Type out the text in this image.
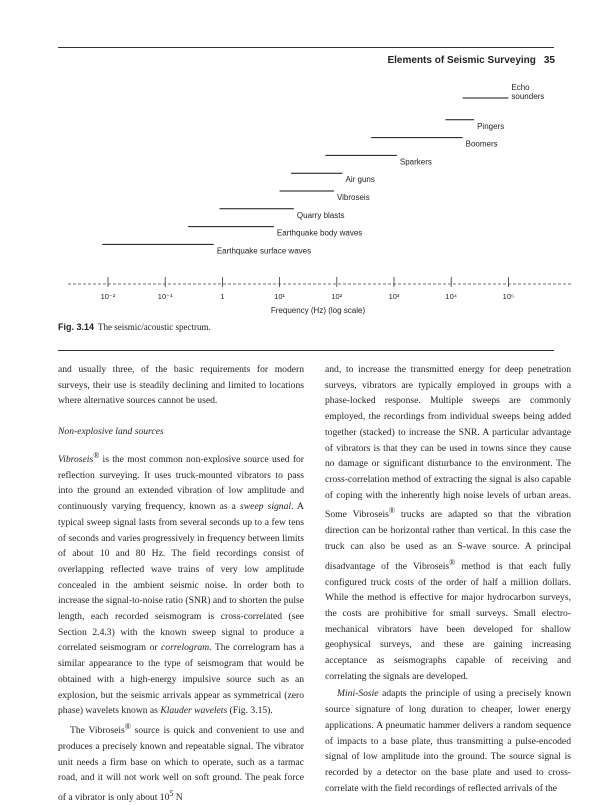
Elements of Seismic Surveying 35
10⁻²	10⁻¹	1	10¹	10²	10³	10⁴	10⁵
Echo sounders
Pingers
Boomers
Sparkers
Air guns
Vibroseis
Quarry blasts
Earthquake body waves
Earthquake surface waves
Frequency (Hz) (log scale)
Fig. 3.14 The seismic/acoustic spectrum.

and usually three, of the basic requirements for modern surveys, their use is steadily declining and limited to locations where alternative sources cannot be used.

Non-explosive land sources

Vibroseis® is the most common non-explosive source used for reflection surveying. It uses truck-mounted vibrators to pass into the ground an extended vibration of low amplitude and continuously varying frequency, known as a sweep signal. A typical sweep signal lasts from several seconds up to a few tens of seconds and varies progressively in frequency between limits of about 10 and 80 Hz. The field recordings consist of overlapping reflected wave trains of very low amplitude concealed in the ambient seismic noise. In order both to increase the signal-to-noise ratio (SNR) and to shorten the pulse length, each recorded seismogram is cross-correlated (see Section 2.4.3) with the known sweep signal to produce a correlated seismogram or correlogram. The correlogram has a similar appearance to the type of seismogram that would be obtained with a high-energy impulsive source such as an explosion, but the seismic arrivals appear as symmetrical (zero phase) wavelets known as Klauder wavelets (Fig. 3.15).

The Vibroseis® source is quick and convenient to use and produces a precisely known and repeatable signal. The vibrator unit needs a firm base on which to operate, such as a tarmac road, and it will not work well on soft ground. The peak force of a vibrator is only about $10^5$ N

and, to increase the transmitted energy for deep penetration surveys, vibrators are typically employed in groups with a phase-locked response. Multiple sweeps are commonly employed, the recordings from individual sweeps being added together (stacked) to increase the SNR. A particular advantage of vibrators is that they can be used in towns since they cause no damage or significant disturbance to the environment. The cross-correlation method of extracting the signal is also capable of coping with the inherently high noise levels of urban areas. Some Vibroseis® trucks are adapted so that the vibration direction can be horizontal rather than vertical. In this case the truck can also be used as an S-wave source. A principal disadvantage of the Vibroseis® method is that each fully configured truck costs of the order of half a million dollars. While the method is effective for major hydrocarbon surveys, the costs are prohibitive for small surveys. Small electro-mechanical vibrators have been developed for shallow geophysical surveys, and these are gaining increasing acceptance as seismographs capable of receiving and correlating the signals are developed.

Mini-Sosie adapts the principle of using a precisely known source signature of long duration to cheaper, lower energy applications. A pneumatic hammer delivers a random sequence of impacts to a base plate, thus transmitting a pulse-encoded signal of low amplitude into the ground. The source signal is recorded by a detector on the base plate and used to cross-correlate with the field recordings of reflected arrivals of the
